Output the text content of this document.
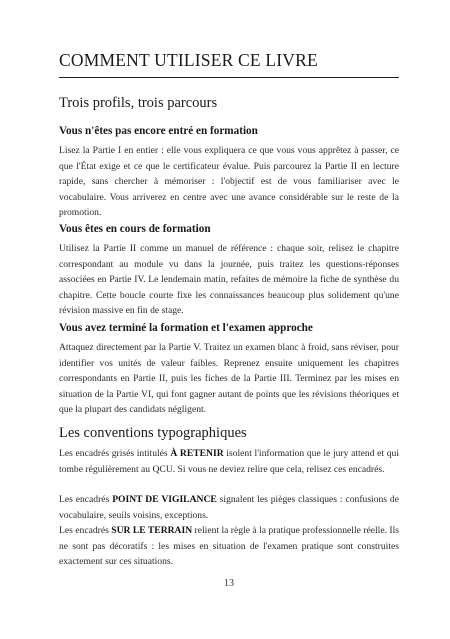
COMMENT UTILISER CE LIVRE
Trois profils, trois parcours
Vous n'êtes pas encore entré en formation

Lisez la Partie I en entier : elle vous expliquera ce que vous vous apprêtez à passer, ce que l'État exige et ce que le certificateur évalue. Puis parcourez la Partie II en lecture rapide, sans chercher à mémoriser : l'objectif est de vous familiariser avec le vocabulaire. Vous arriverez en centre avec une avance considérable sur le reste de la promotion.

Vous êtes en cours de formation

Utilisez la Partie II comme un manuel de référence : chaque soir, relisez le chapitre correspondant au module vu dans la journée, puis traitez les questions-réponses associées en Partie IV. Le lendemain matin, refaites de mémoire la fiche de synthèse du chapitre. Cette boucle courte fixe les connaissances beaucoup plus solidement qu'une révision massive en fin de stage.

Vous avez terminé la formation et l'examen approche

Attaquez directement par la Partie V. Traitez un examen blanc à froid, sans réviser, pour identifier vos unités de valeur faibles. Reprenez ensuite uniquement les chapitres correspondants en Partie II, puis les fiches de la Partie III. Terminez par les mises en situation de la Partie VI, qui font gagner autant de points que les révisions théoriques et que la plupart des candidats négligent.

Les conventions typographiques

Les encadrés grisés intitulés À RETENIR isolent l'information que le jury attend et qui tombe régulièrement au QCU. Si vous ne deviez relire que cela, relisez ces encadrés.

Les encadrés POINT DE VIGILANCE signalent les pièges classiques : confusions de vocabulaire, seuils voisins, exceptions.

Les encadrés SUR LE TERRAIN relient la règle à la pratique professionnelle réelle. Ils ne sont pas décoratifs : les mises en situation de l'examen pratique sont construites exactement sur ces situations.

13
